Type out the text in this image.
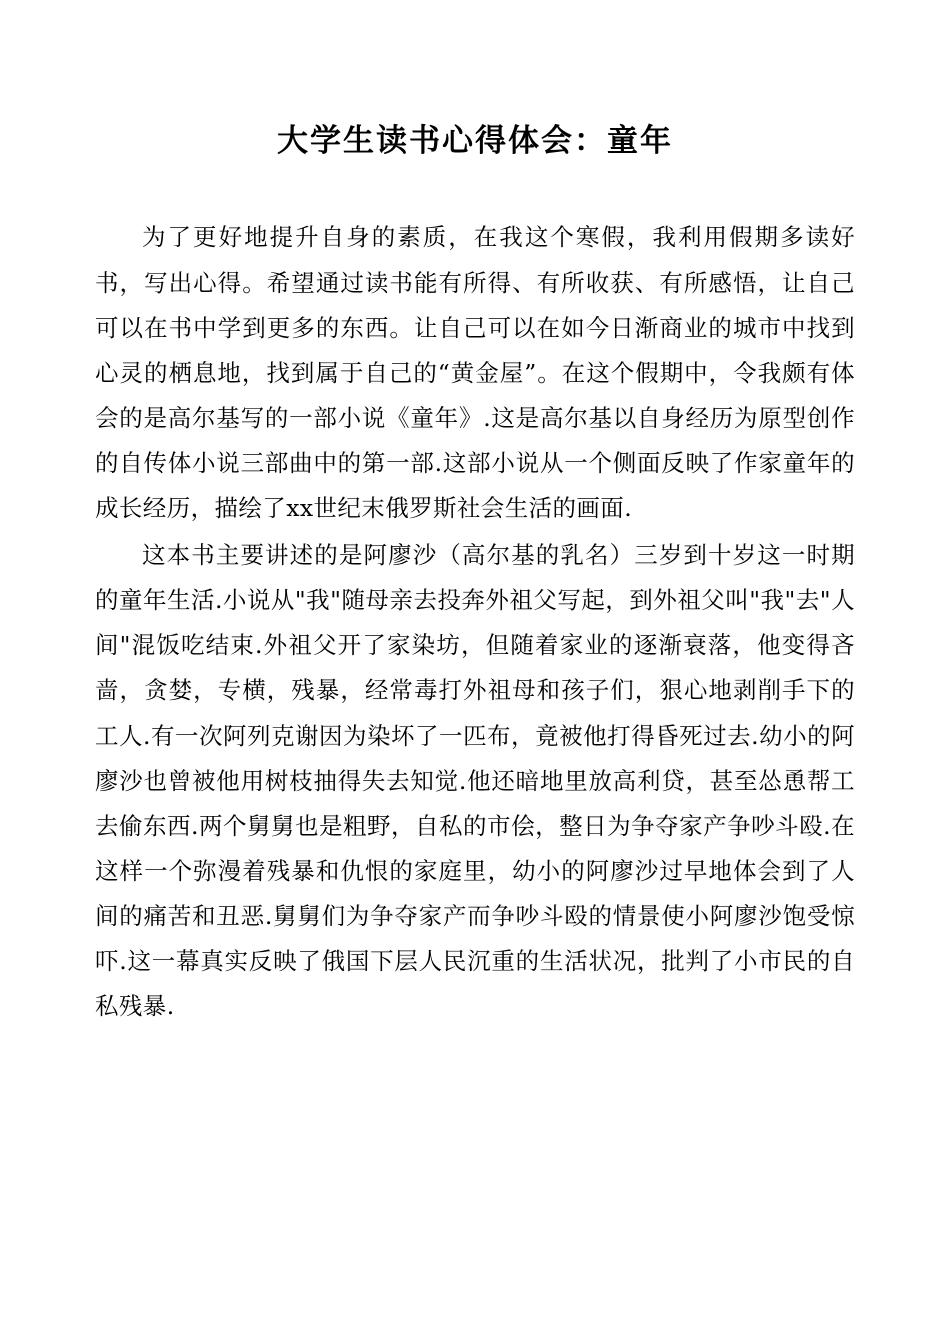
大学生读书心得体会：童年

为了更好地提升自身的素质，在我这个寒假，我利用假期多读好书，写出心得。希望通过读书能有所得、有所收获、有所感悟，让自己可以在书中学到更多的东西。让自己可以在如今日渐商业的城市中找到心灵的栖息地，找到属于自己的“黄金屋”。在这个假期中，令我颇有体会的是高尔基写的一部小说《童年》.这是高尔基以自身经历为原型创作的自传体小说三部曲中的第一部.这部小说从一个侧面反映了作家童年的成长经历，描绘了xx世纪末俄罗斯社会生活的画面.

这本书主要讲述的是阿廖沙（高尔基的乳名）三岁到十岁这一时期的童年生活.小说从"我"随母亲去投奔外祖父写起，到外祖父叫"我"去"人间"混饭吃结束.外祖父开了家染坊，但随着家业的逐渐衰落，他变得吝啬，贪婪，专横，残暴，经常毒打外祖母和孩子们，狠心地剥削手下的工人.有一次阿列克谢因为染坏了一匹布，竟被他打得昏死过去.幼小的阿廖沙也曾被他用树枝抽得失去知觉.他还暗地里放高利贷，甚至怂恿帮工去偷东西.两个舅舅也是粗野，自私的市侩，整日为争夺家产争吵斗殴.在这样一个弥漫着残暴和仇恨的家庭里，幼小的阿廖沙过早地体会到了人间的痛苦和丑恶.舅舅们为争夺家产而争吵斗殴的情景使小阿廖沙饱受惊吓.这一幕真实反映了俄国下层人民沉重的生活状况，批判了小市民的自私残暴.
